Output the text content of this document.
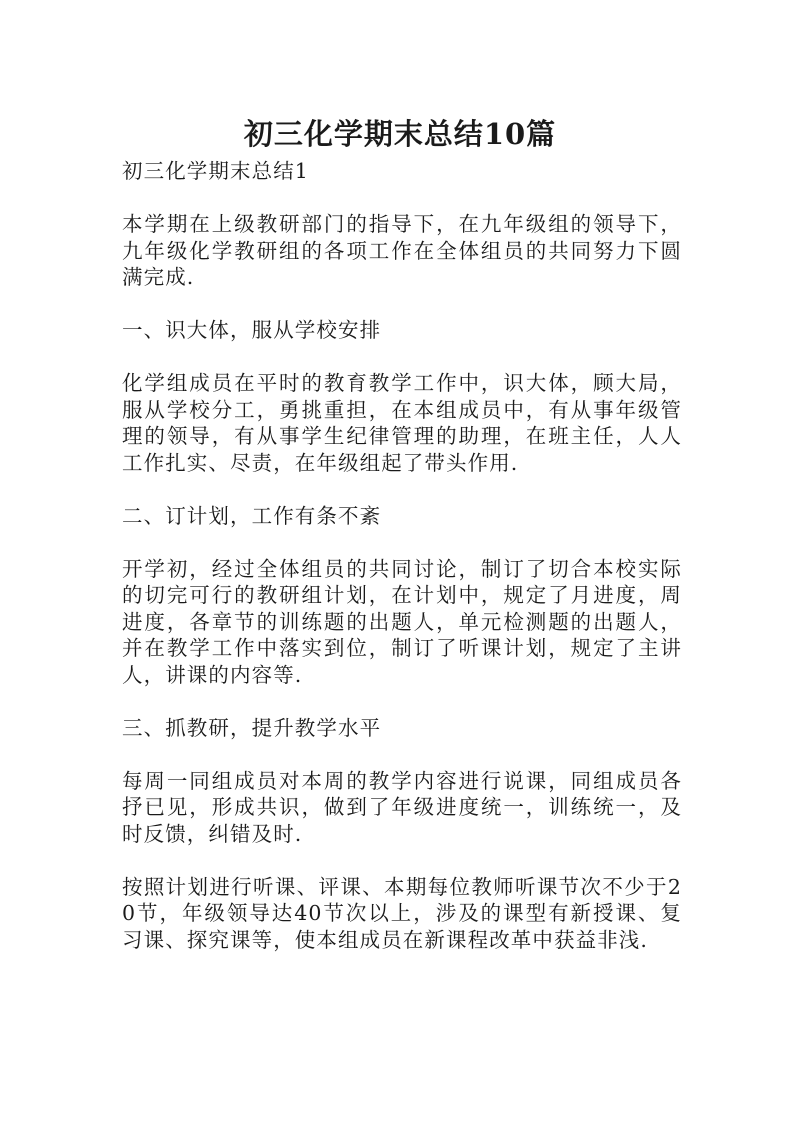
初三化学期末总结10篇

初三化学期末总结1

本学期在上级教研部门的指导下，在九年级组的领导下，九年级化学教研组的各项工作在全体组员的共同努力下圆满完成.

一、识大体，服从学校安排

化学组成员在平时的教育教学工作中，识大体，顾大局，服从学校分工，勇挑重担，在本组成员中，有从事年级管理的领导，有从事学生纪律管理的助理，在班主任，人人工作扎实、尽责，在年级组起了带头作用.

二、订计划，工作有条不紊

开学初，经过全体组员的共同讨论，制订了切合本校实际的切完可行的教研组计划，在计划中，规定了月进度，周进度，各章节的训练题的出题人，单元检测题的出题人，并在教学工作中落实到位，制订了听课计划，规定了主讲人，讲课的内容等.

三、抓教研，提升教学水平

每周一同组成员对本周的教学内容进行说课，同组成员各抒已见，形成共识，做到了年级进度统一，训练统一，及时反馈，纠错及时.

按照计划进行听课、评课、本期每位教师听课节次不少于20节，年级领导达40节次以上，涉及的课型有新授课、复习课、探究课等，使本组成员在新课程改革中获益非浅.
